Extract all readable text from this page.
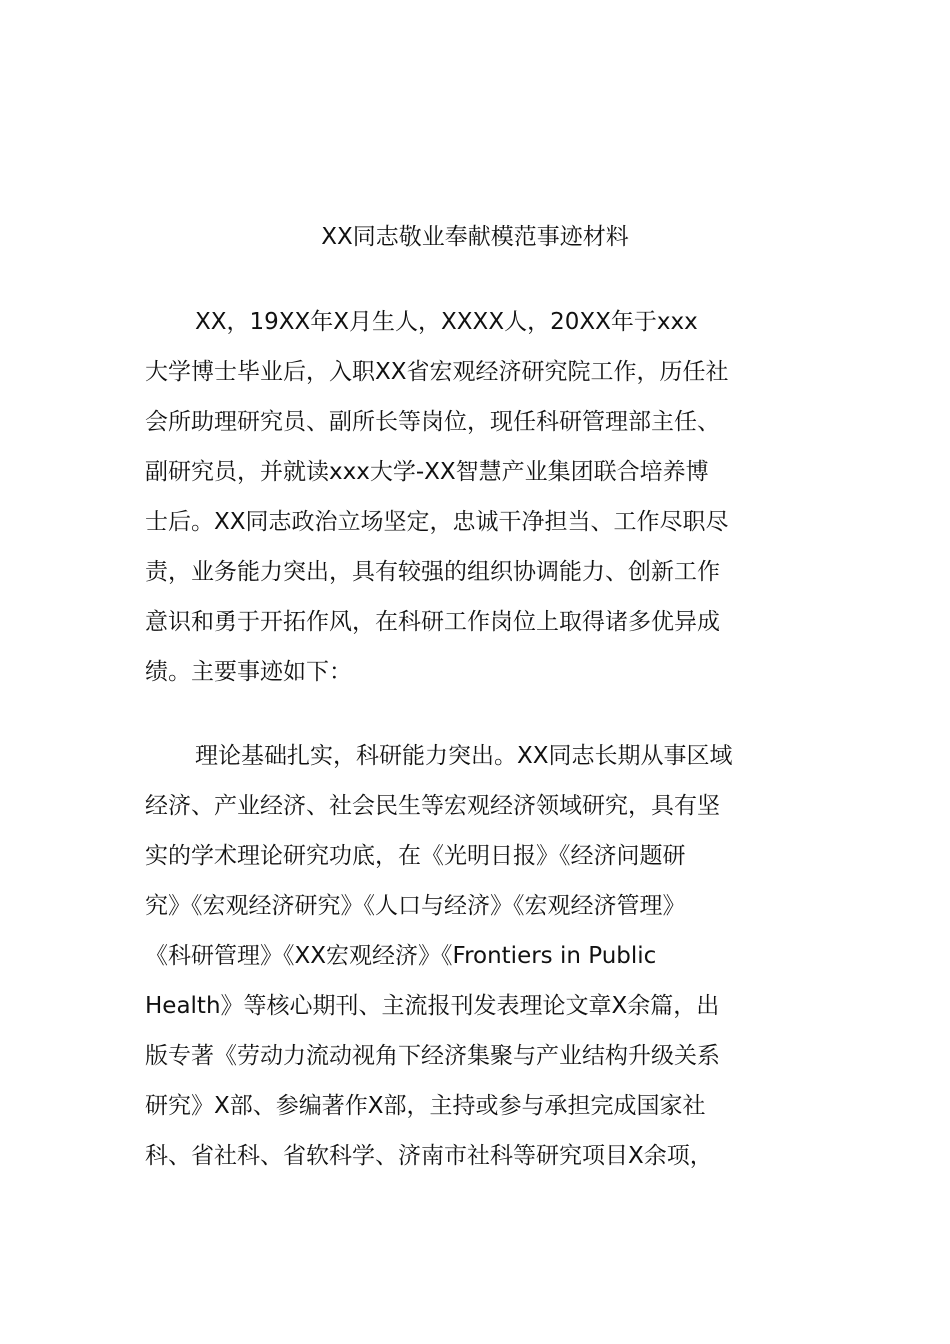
XX同志敬业奉献模范事迹材料
XX，19XX年X月生人，XXXX人，20XX年于xxx
大学博士毕业后，入职XX省宏观经济研究院工作，历任社
会所助理研究员、副所长等岗位，现任科研管理部主任、
副研究员，并就读xxx大学-XX智慧产业集团联合培养博
士后。XX同志政治立场坚定，忠诚干净担当、工作尽职尽
责，业务能力突出，具有较强的组织协调能力、创新工作
意识和勇于开拓作风，在科研工作岗位上取得诸多优异成
绩。主要事迹如下：
理论基础扎实，科研能力突出。XX同志长期从事区域
经济、产业经济、社会民生等宏观经济领域研究，具有坚
实的学术理论研究功底，在《光明日报》《经济问题研
究》《宏观经济研究》《人口与经济》《宏观经济管理》
《科研管理》《XX宏观经济》《Frontiers in Public
Health》等核心期刊、主流报刊发表理论文章X余篇，出
版专著《劳动力流动视角下经济集聚与产业结构升级关系
研究》X部、参编著作X部，主持或参与承担完成国家社
科、省社科、省软科学、济南市社科等研究项目X余项，
